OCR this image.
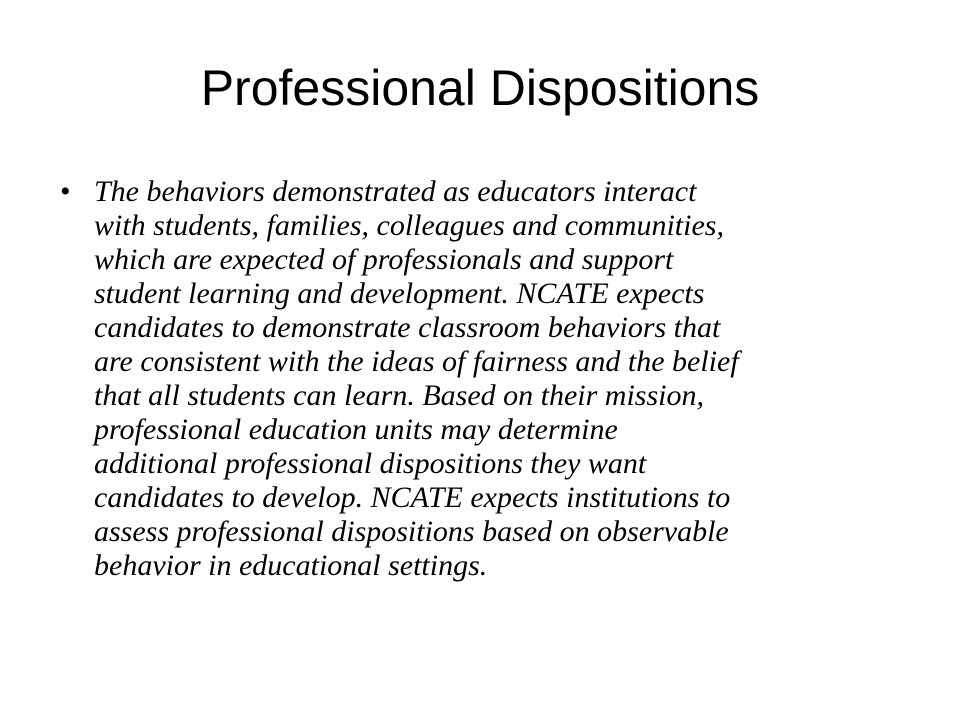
Professional Dispositions
• The behaviors demonstrated as educators interact
with students, families, colleagues and communities,
which are expected of professionals and support
student learning and development. NCATE expects
candidates to demonstrate classroom behaviors that
are consistent with the ideas of fairness and the belief
that all students can learn. Based on their mission,
professional education units may determine
additional professional dispositions they want
candidates to develop. NCATE expects institutions to
assess professional dispositions based on observable
behavior in educational settings.
